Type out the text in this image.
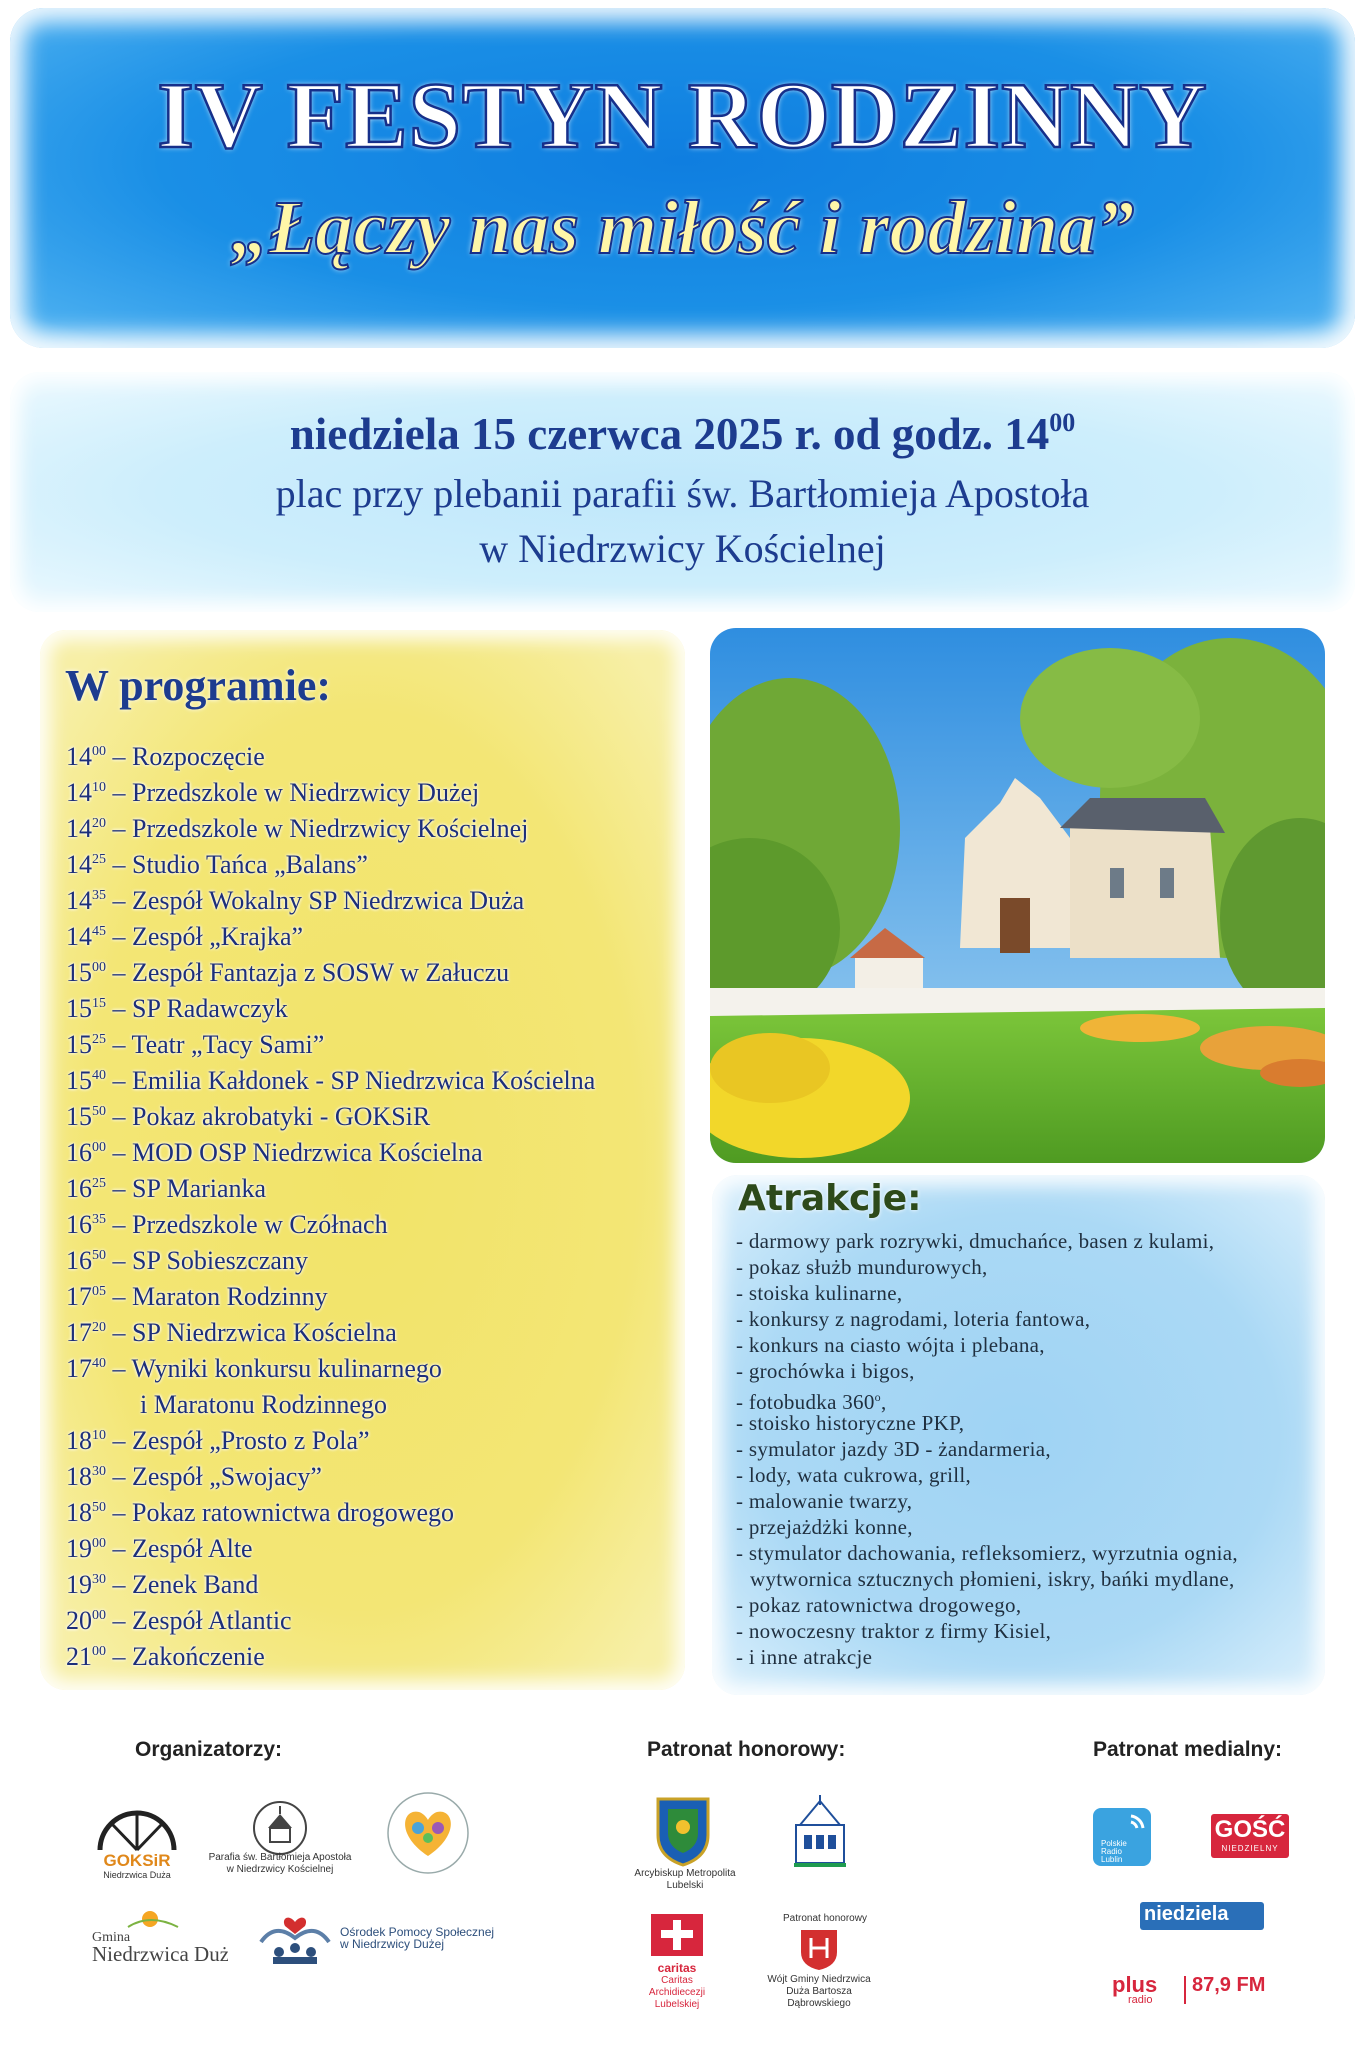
IV FESTYN RODZINNY
„Łączy nas miłość i rodzina”
niedziela 15 czerwca 2025 r. od godz. $14^{00}$
plac przy plebanii parafii św. Bartłomieja Apostoła
w Niedrzwicy Kościelnej
W programie:
$14^{00}$ – Rozpoczęcie
$14^{10}$ – Przedszkole w Niedrzwicy Dużej
$14^{20}$ – Przedszkole w Niedrzwicy Kościelnej
$14^{25}$ – Studio Tańca „Balans”
$14^{35}$ – Zespół Wokalny SP Niedrzwica Duża
$14^{45}$ – Zespół „Krajka”
$15^{00}$ – Zespół Fantazja z SOSW w Załuczu
$15^{15}$ – SP Radawczyk
$15^{25}$ – Teatr „Tacy Sami”
$15^{40}$ – Emilia Kałdonek - SP Niedrzwica Kościelna
$15^{50}$ – Pokaz akrobatyki - GOKSiR
$16^{00}$ – MOD OSP Niedrzwica Kościelna
$16^{25}$ – SP Marianka
$16^{35}$ – Przedszkole w Czółnach
$16^{50}$ – SP Sobieszczany
$17^{05}$ – Maraton Rodzinny
$17^{20}$ – SP Niedrzwica Kościelna
$17^{40}$ – Wyniki konkursu kulinarnego
i Maratonu Rodzinnego
$18^{10}$ – Zespół „Prosto z Pola”
$18^{30}$ – Zespół „Swojacy”
$18^{50}$ – Pokaz ratownictwa drogowego
$19^{00}$ – Zespół Alte
$19^{30}$ – Zenek Band
$20^{00}$ – Zespół Atlantic
$21^{00}$ – Zakończenie
Atrakcje:
- darmowy park rozrywki, dmuchańce, basen z kulami,
- pokaz służb mundurowych,
- stoiska kulinarne,
- konkursy z nagrodami, loteria fantowa,
- konkurs na ciasto wójta i plebana,
- grochówka i bigos,
- fotobudka 360$^o$,
- stoisko historyczne PKP,
- symulator jazdy 3D - żandarmeria,
- lody, wata cukrowa, grill,
- malowanie twarzy,
- przejażdżki konne,
- stymulator dachowania, refleksomierz, wyrzutnia ognia,
wytwornica sztucznych płomieni, iskry, bańki mydlane,
- pokaz ratownictwa drogowego,
- nowoczesny traktor z firmy Kisiel,
- i inne atrakcje
Organizatorzy:	Patronat honorowy:	Patronat medialny:
GOKSiR
Niedrzwica Duża
Parafia św. Bartłomieja Apostoła w Niedrzwicy Kościelnej
Gmina
Niedrzwica Duża
Ośrodek Pomocy Społecznej w Niedrzwicy Dużej
Arcybiskup Metropolita Lubelski
caritas
Caritas Archidiecezji Lubelskiej
Patronat honorowy
Wójt Gminy Niedrzwica Duża Bartosza Dąbrowskiego
Polskie
Radio
Lublin
GOŚĆ
NIEDZIELNY
niedziela
plus
radio
87,9 FM
